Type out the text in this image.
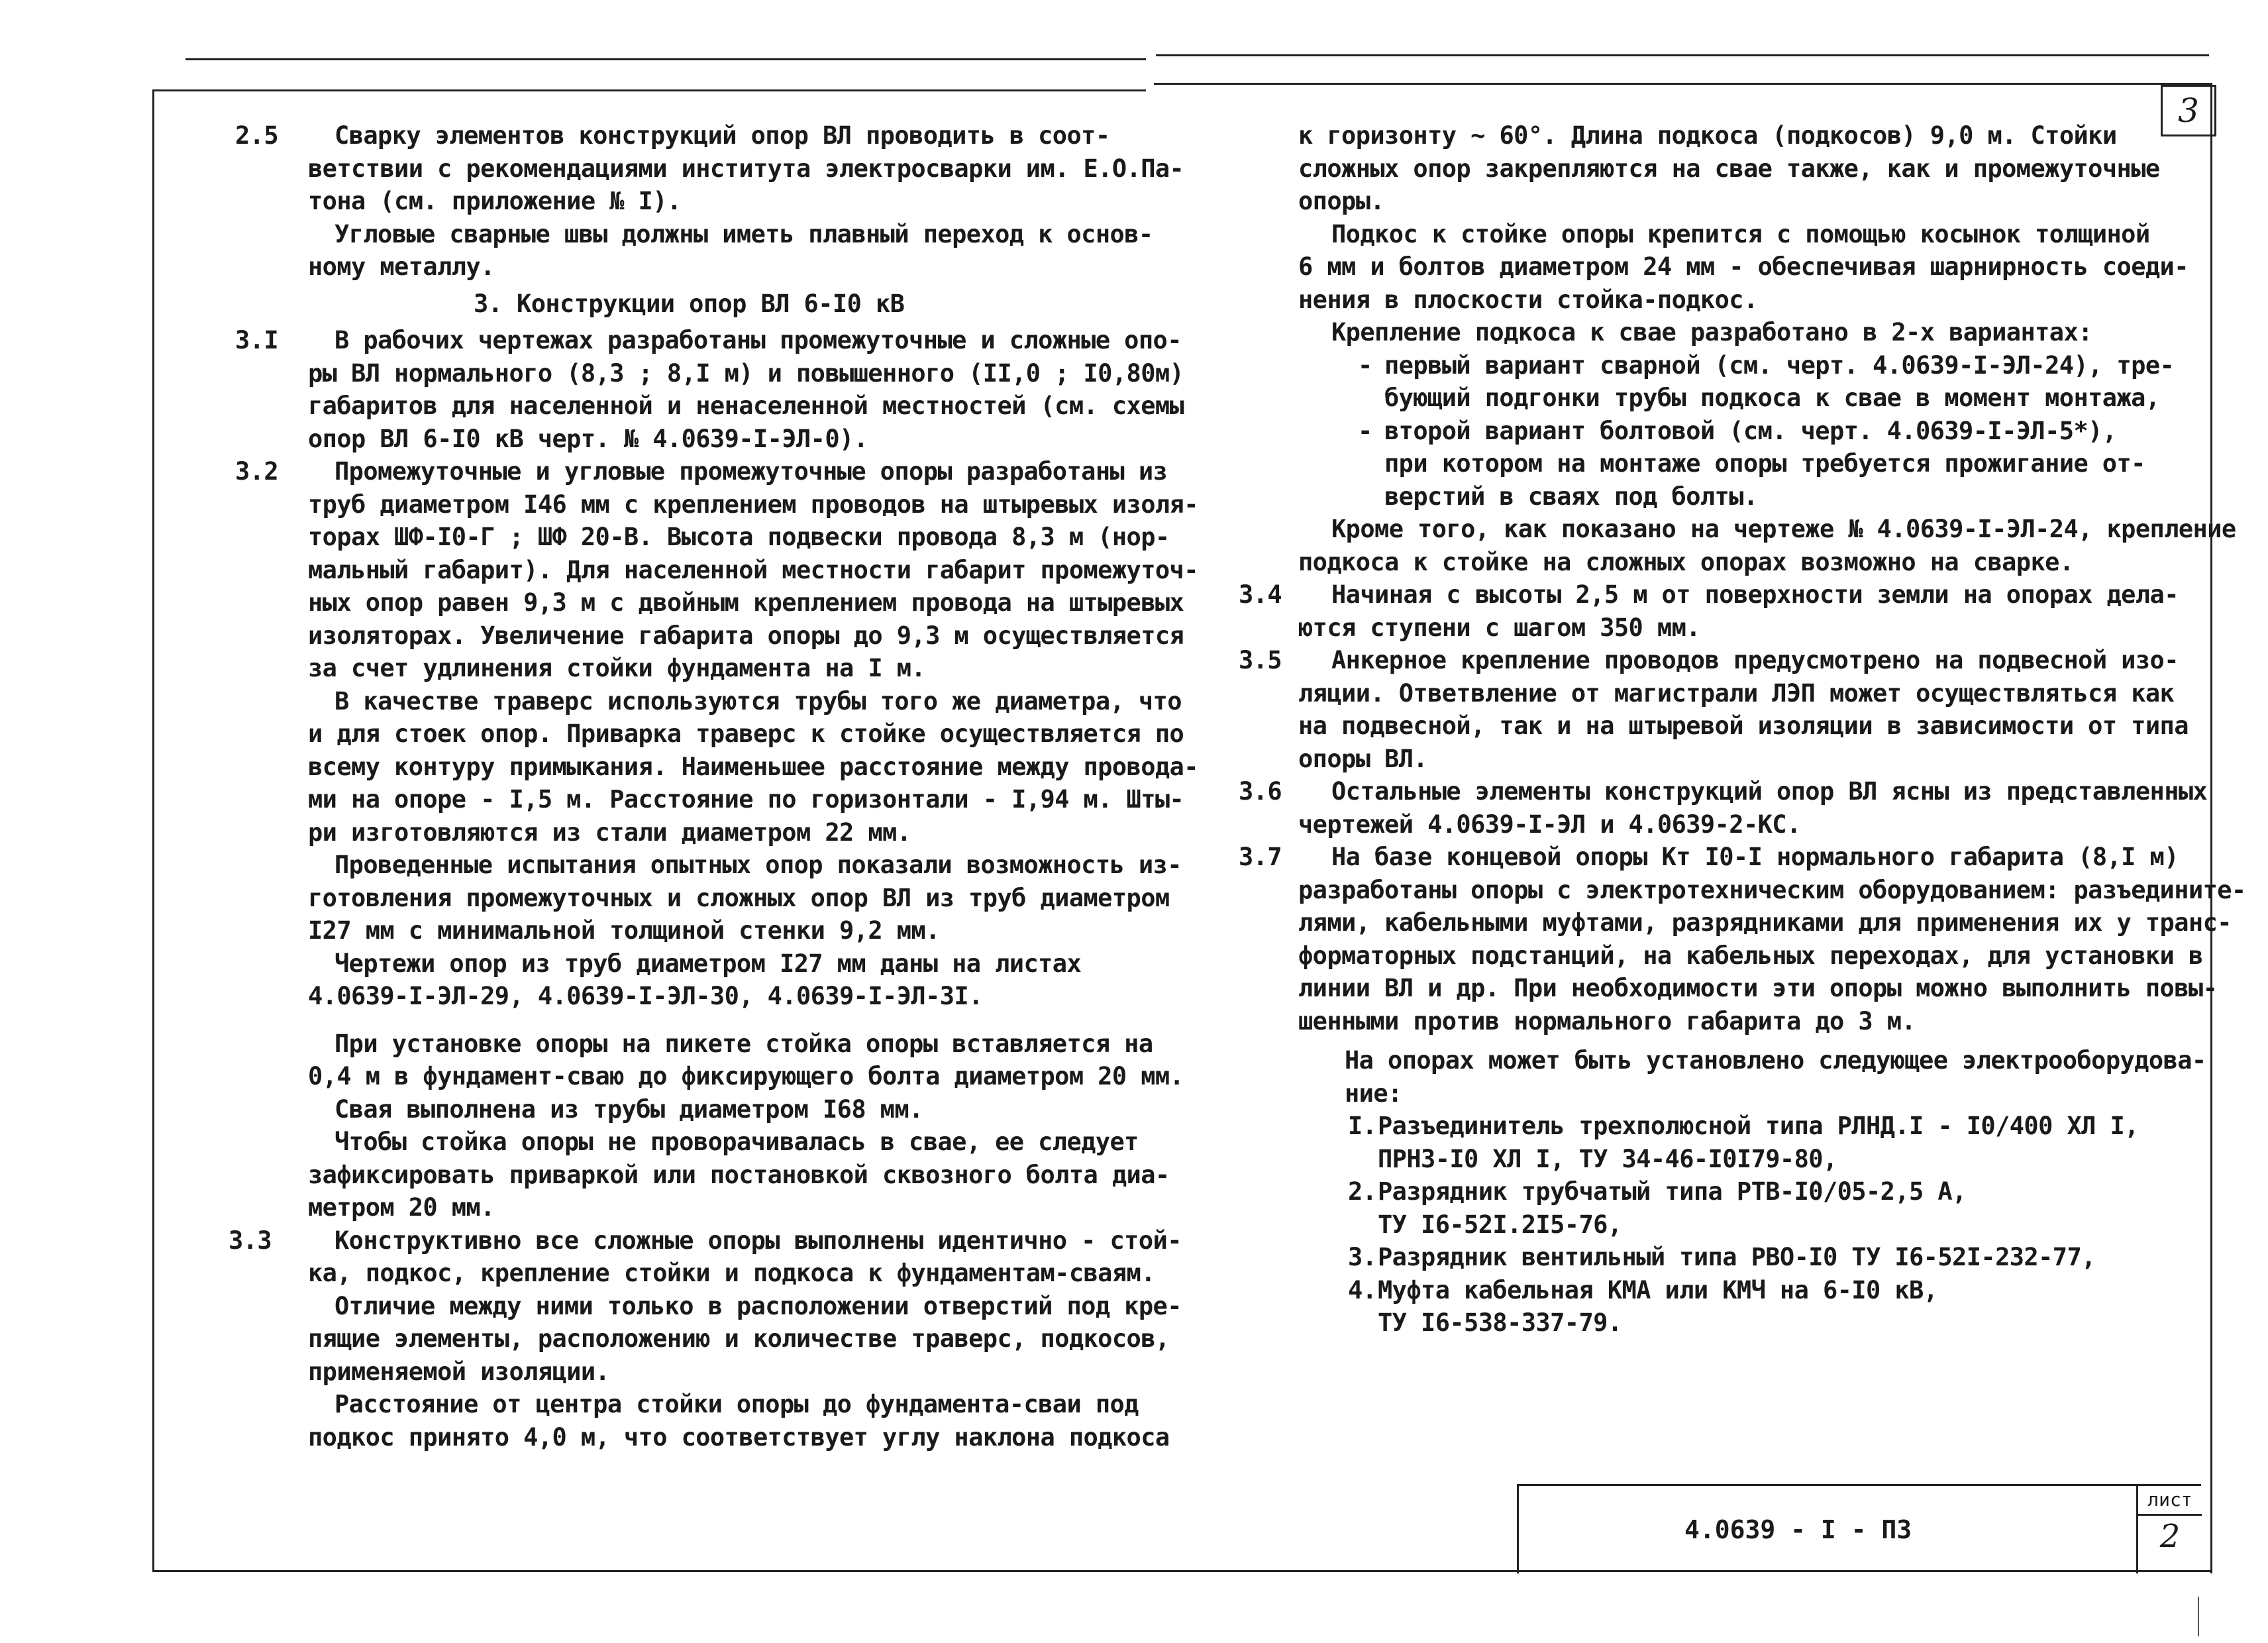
3
2.5	Сварку элементов конструкций опор ВЛ проводить в соот-
ветствии с рекомендациями института электросварки им. Е.О.Па-
тона (см. приложение № I).
Угловые сварные швы должны иметь плавный переход к основ-
ному металлу.
3. Конструкции опор ВЛ 6-I0 кВ
3.I	В рабочих чертежах разработаны промежуточные и сложные опо-
ры ВЛ нормального (8,3 ; 8,I м) и повышенного (II,0 ; I0,80м)
габаритов для населенной и ненаселенной местностей (см. схемы
опор ВЛ 6-I0 кВ черт. № 4.0639-I-ЭЛ-0).
3.2	Промежуточные и угловые промежуточные опоры разработаны из
труб диаметром I46 мм с креплением проводов на штыревых изоля-
торах ШФ-I0-Г ; ШФ 20-В. Высота подвески провода 8,3 м (нор-
мальный габарит). Для населенной местности габарит промежуточ-
ных опор равен 9,3 м с двойным креплением провода на штыревых
изоляторах. Увеличение габарита опоры до 9,3 м осуществляется
за счет удлинения стойки фундамента на I м.
В качестве траверс используются трубы того же диаметра, что
и для стоек опор. Приварка траверс к стойке осуществляется по
всему контуру примыкания. Наименьшее расстояние между провода-
ми на опоре - I,5 м. Расстояние по горизонтали - I,94 м. Шты-
ри изготовляются из стали диаметром 22 мм.
Проведенные испытания опытных опор показали возможность из-
готовления промежуточных и сложных опор ВЛ из труб диаметром
I27 мм с минимальной толщиной стенки 9,2 мм.
Чертежи опор из труб диаметром I27 мм даны на листах
4.0639-I-ЭЛ-29, 4.0639-I-ЭЛ-30, 4.0639-I-ЭЛ-3I.
При установке опоры на пикете стойка опоры вставляется на
0,4 м в фундамент-сваю до фиксирующего болта диаметром 20 мм.
Свая выполнена из трубы диаметром I68 мм.
Чтобы стойка опоры не проворачивалась в свае, ее следует
зафиксировать приваркой или постановкой сквозного болта диа-
метром 20 мм.
3.3	Конструктивно все сложные опоры выполнены идентично - стой-
ка, подкос, крепление стойки и подкоса к фундаментам-сваям.
Отличие между ними только в расположении отверстий под кре-
пящие элементы, расположению и количестве траверс, подкосов,
применяемой изоляции.
Расстояние от центра стойки опоры до фундамента-сваи под
подкос принято 4,0 м, что соответствует углу наклона подкоса
к горизонту ~ 60°. Длина подкоса (подкосов) 9,0 м. Стойки
сложных опор закрепляются на свае также, как и промежуточные
опоры.
Подкос к стойке опоры крепится с помощью косынок толщиной
6 мм и болтов диаметром 24 мм - обеспечивая шарнирность соеди-
нения в плоскости стойка-подкос.
Крепление подкоса к свае разработано в 2-х вариантах:
- первый вариант сварной (см. черт. 4.0639-I-ЭЛ-24), тре-
бующий подгонки трубы подкоса к свае в момент монтажа,
- второй вариант болтовой (см. черт. 4.0639-I-ЭЛ-5*),
при котором на монтаже опоры требуется прожигание от-
верстий в сваях под болты.
Кроме того, как показано на чертеже № 4.0639-I-ЭЛ-24, крепление
подкоса к стойке на сложных опорах возможно на сварке.
3.4	Начиная с высоты 2,5 м от поверхности земли на опорах дела-
ются ступени с шагом 350 мм.
3.5	Анкерное крепление проводов предусмотрено на подвесной изо-
ляции. Ответвление от магистрали ЛЭП может осуществляться как
на подвесной, так и на штыревой изоляции в зависимости от типа
опоры ВЛ.
3.6	Остальные элементы конструкций опор ВЛ ясны из представленных
чертежей 4.0639-I-ЭЛ и 4.0639-2-КС.
3.7	На базе концевой опоры Кт I0-I нормального габарита (8,I м)
разработаны опоры с электротехническим оборудованием: разъедините-
лями, кабельными муфтами, разрядниками для применения их у транс-
форматорных подстанций, на кабельных переходах, для установки в
линии ВЛ и др. При необходимости эти опоры можно выполнить повы-
шенными против нормального габарита до 3 м.
На опорах может быть установлено следующее электрооборудова-
ние:
I. Разъединитель трехполюсной типа РЛНД.I - I0/400 ХЛ I,
ПРНЗ-I0 ХЛ I, ТУ 34-46-I0I79-80,
2. Разрядник трубчатый типа РТВ-I0/05-2,5 А,
ТУ I6-52I.2I5-76,
3. Разрядник вентильный типа РВО-I0 ТУ I6-52I-232-77,
4. Муфта кабельная КМА или КМЧ на 6-I0 кВ,
ТУ I6-538-337-79.
4.0639 - I - ПЗ
лист
2
